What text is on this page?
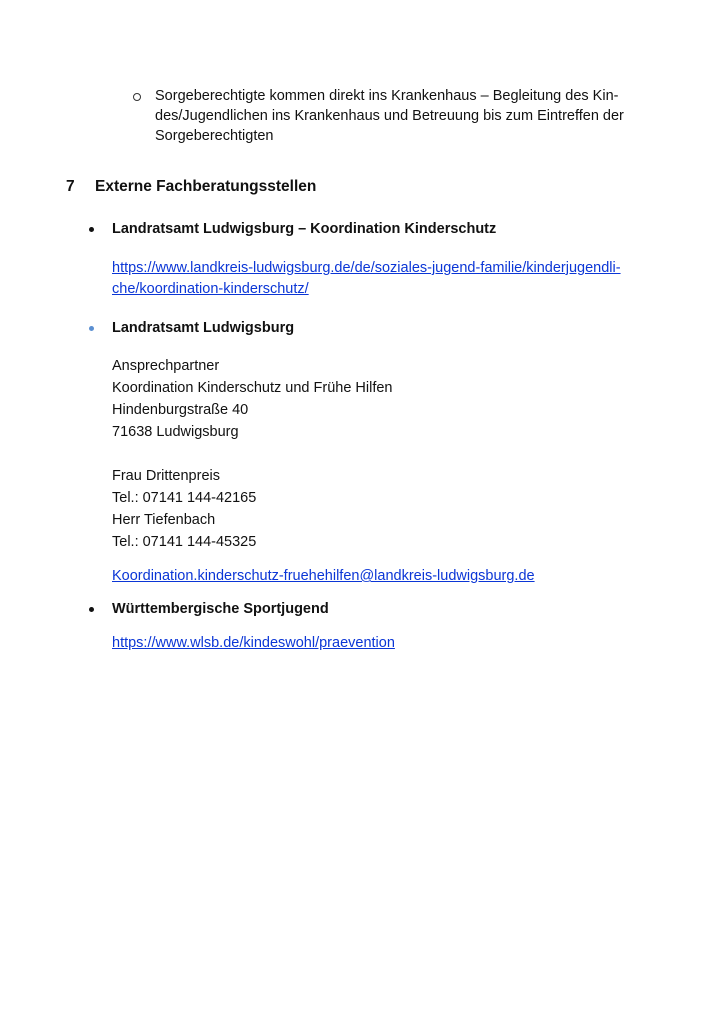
Sorgeberechtigte kommen direkt ins Krankenhaus – Begleitung des Kin-
des/Jugendlichen ins Krankenhaus und Betreuung bis zum Eintreffen der
Sorgeberechtigten
7 Externe Fachberatungsstellen
Landratsamt Ludwigsburg – Koordination Kinderschutz
https://www.landkreis-ludwigsburg.de/de/soziales-jugend-familie/kinderjugendli-
che/koordination-kinderschutz/
Landratsamt Ludwigsburg
Ansprechpartner
Koordination Kinderschutz und Frühe Hilfen
Hindenburgstraße 40
71638 Ludwigsburg
Frau Drittenpreis
Tel.: 07141 144-42165
Herr Tiefenbach
Tel.: 07141 144-45325
Koordination.kinderschutz-fruehehilfen@landkreis-ludwigsburg.de
Württembergische Sportjugend
https://www.wlsb.de/kindeswohl/praevention
